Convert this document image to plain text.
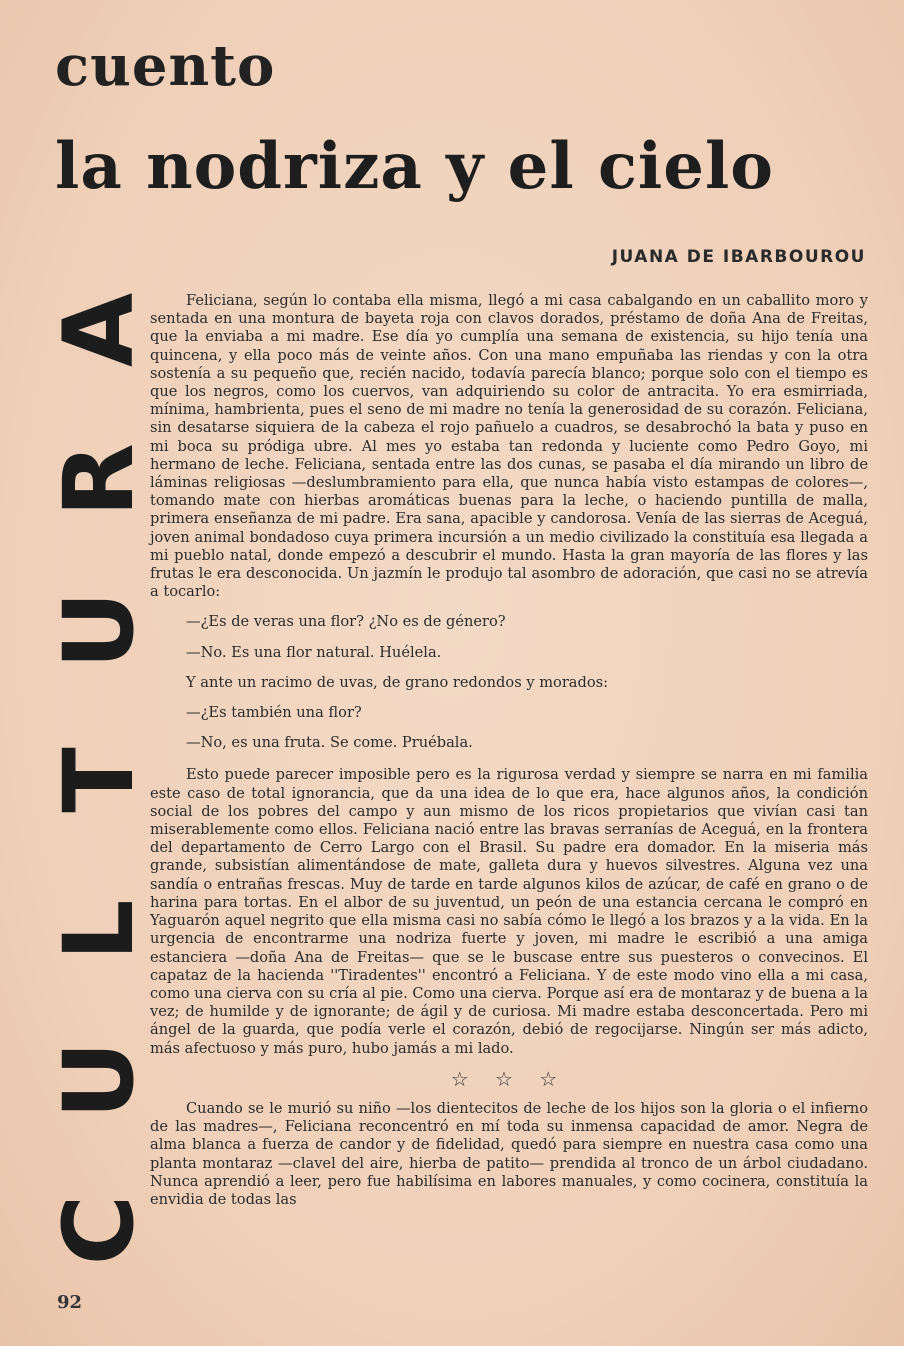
cuento
la nodriza y el cielo
JUANA DE IBARBOUROU
A
R
U
T
L
U
C

Feliciana, según lo contaba ella misma, llegó a mi casa cabalgando en un caballito moro y sentada en una montura de bayeta roja con clavos dorados, préstamo de doña Ana de Freitas, que la enviaba a mi madre. Ese día yo cumplía una semana de existencia, su hijo tenía una quincena, y ella poco más de veinte años. Con una mano empuñaba las riendas y con la otra sostenía a su pequeño que, recién nacido, todavía parecía blanco; porque solo con el tiempo es que los negros, como los cuervos, van adquiriendo su color de antracita. Yo era esmirriada, mínima, hambrienta, pues el seno de mi madre no tenía la generosidad de su corazón. Feliciana, sin desatarse siquiera de la cabeza el rojo pañuelo a cuadros, se desabrochó la bata y puso en mi boca su pródiga ubre. Al mes yo estaba tan redonda y luciente como Pedro Goyo, mi hermano de leche. Feliciana, sentada entre las dos cunas, se pasaba el día mirando un libro de láminas religiosas —deslumbramiento para ella, que nunca había visto estampas de colores—, tomando mate con hierbas aromáticas buenas para la leche, o haciendo puntilla de malla, primera enseñanza de mi padre. Era sana, apacible y candorosa. Venía de las sierras de Aceguá, joven animal bondadoso cuya primera incursión a un medio civilizado la constituía esa llegada a mi pueblo natal, donde empezó a descubrir el mundo. Hasta la gran mayoría de las flores y las frutas le era desconocida. Un jazmín le produjo tal asombro de adoración, que casi no se atrevía a tocarlo:

—¿Es de veras una flor? ¿No es de género?

—No. Es una flor natural. Huélela.

Y ante un racimo de uvas, de grano redondos y morados:

—¿Es también una flor?

—No, es una fruta. Se come. Pruébala.

Esto puede parecer imposible pero es la rigurosa verdad y siempre se narra en mi familia este caso de total ignorancia, que da una idea de lo que era, hace algunos años, la condición social de los pobres del campo y aun mismo de los ricos propietarios que vivían casi tan miserablemente como ellos. Feliciana nació entre las bravas serranías de Aceguá, en la frontera del departamento de Cerro Largo con el Brasil. Su padre era domador. En la miseria más grande, subsistían alimentándose de mate, galleta dura y huevos silvestres. Alguna vez una sandía o entrañas frescas. Muy de tarde en tarde algunos kilos de azúcar, de café en grano o de harina para tortas. En el albor de su juventud, un peón de una estancia cercana le compró en Yaguarón aquel negrito que ella misma casi no sabía cómo le llegó a los brazos y a la vida. En la urgencia de encontrarme una nodriza fuerte y joven, mi madre le escribió a una amiga estanciera —doña Ana de Freitas— que se le buscase entre sus puesteros o convecinos. El capataz de la hacienda ''Tiradentes'' encontró a Feliciana. Y de este modo vino ella a mi casa, como una cierva con su cría al pie. Como una cierva. Porque así era de montaraz y de buena a la vez; de humilde y de ignorante; de ágil y de curiosa. Mi madre estaba desconcertada. Pero mi ángel de la guarda, que podía verle el corazón, debió de regocijarse. Ningún ser más adicto, más afectuoso y más puro, hubo jamás a mi lado.

☆ ☆ ☆

Cuando se le murió su niño —los dientecitos de leche de los hijos son la gloria o el infierno de las madres—, Feliciana reconcentró en mí toda su inmensa capacidad de amor. Negra de alma blanca a fuerza de candor y de fidelidad, quedó para siempre en nuestra casa como una planta montaraz —clavel del aire, hierba de patito— prendida al tronco de un árbol ciudadano. Nunca aprendió a leer, pero fue habilísima en labores manuales, y como cocinera, constituía la envidia de todas las

92
